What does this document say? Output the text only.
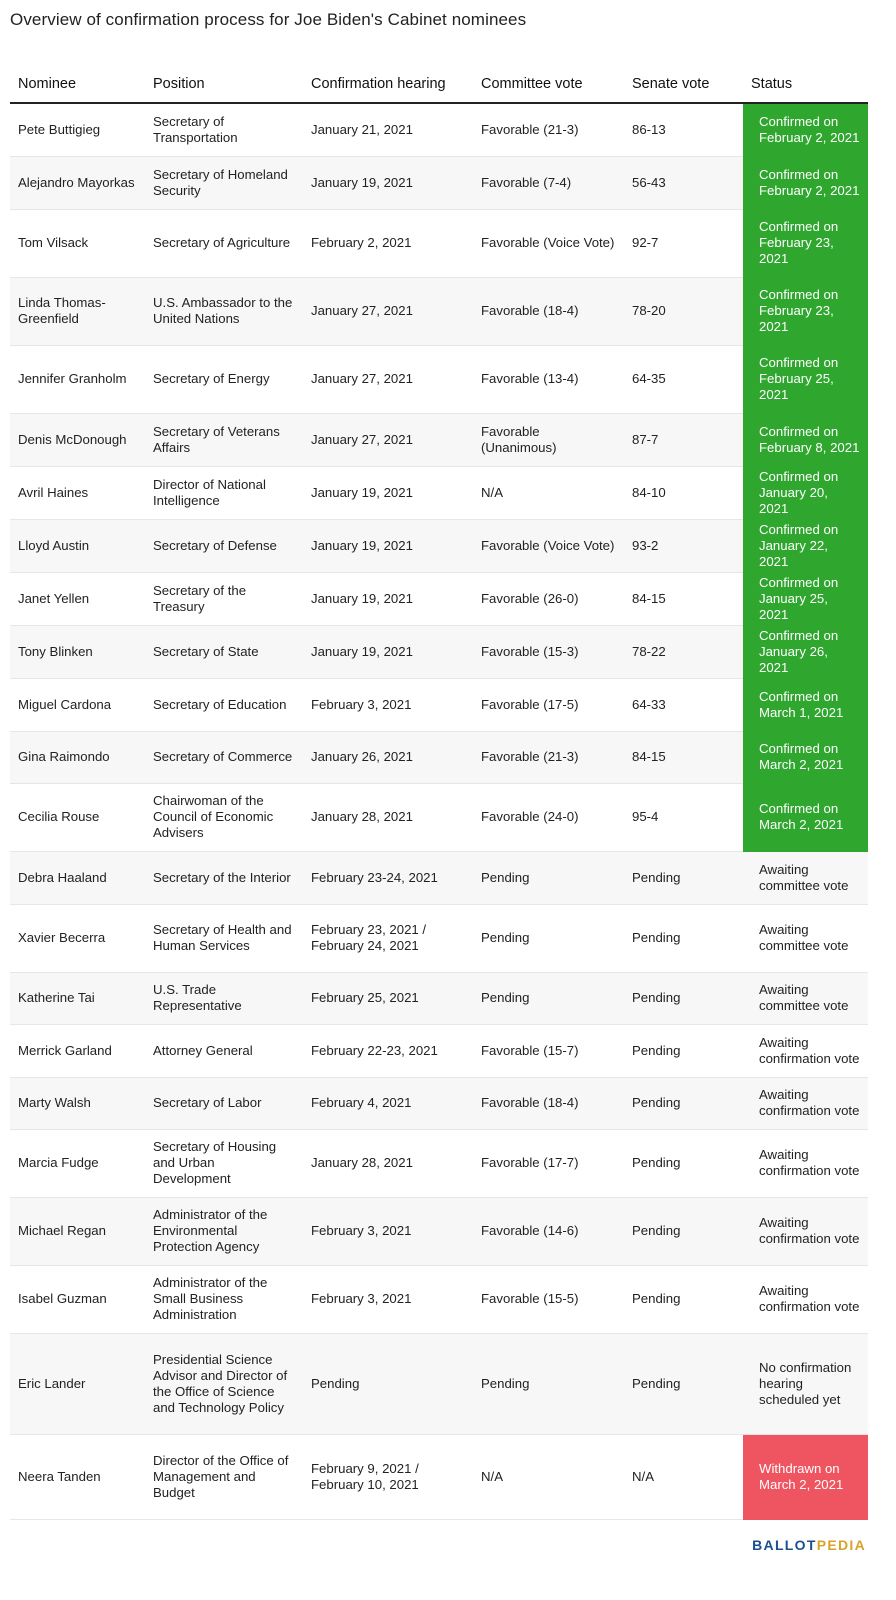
Overview of confirmation process for Joe Biden's Cabinet nominees
Nominee	Position	Confirmation hearing	Committee vote	Senate vote	Status
Pete Buttigieg	Secretary of Transportation	January 21, 2021	Favorable (21-3)	86-13	Confirmed on February 2, 2021
Alejandro Mayorkas	Secretary of Homeland Security	January 19, 2021	Favorable (7-4)	56-43	Confirmed on February 2, 2021
Tom Vilsack	Secretary of Agriculture	February 2, 2021	Favorable (Voice Vote)	92-7	Confirmed on February 23, 2021
Linda Thomas-Greenfield	U.S. Ambassador to the United Nations	January 27, 2021	Favorable (18-4)	78-20	Confirmed on February 23, 2021
Jennifer Granholm	Secretary of Energy	January 27, 2021	Favorable (13-4)	64-35	Confirmed on February 25, 2021
Denis McDonough	Secretary of Veterans Affairs	January 27, 2021	Favorable (Unanimous)	87-7	Confirmed on February 8, 2021
Avril Haines	Director of National Intelligence	January 19, 2021	N/A	84-10	Confirmed on January 20, 2021
Lloyd Austin	Secretary of Defense	January 19, 2021	Favorable (Voice Vote)	93-2	Confirmed on January 22, 2021
Janet Yellen	Secretary of the Treasury	January 19, 2021	Favorable (26-0)	84-15	Confirmed on January 25, 2021
Tony Blinken	Secretary of State	January 19, 2021	Favorable (15-3)	78-22	Confirmed on January 26, 2021
Miguel Cardona	Secretary of Education	February 3, 2021	Favorable (17-5)	64-33	Confirmed on March 1, 2021
Gina Raimondo	Secretary of Commerce	January 26, 2021	Favorable (21-3)	84-15	Confirmed on March 2, 2021
Cecilia Rouse	Chairwoman of the Council of Economic Advisers	January 28, 2021	Favorable (24-0)	95-4	Confirmed on March 2, 2021
Debra Haaland	Secretary of the Interior	February 23-24, 2021	Pending	Pending	Awaiting committee vote
Xavier Becerra	Secretary of Health and Human Services	February 23, 2021 / February 24, 2021	Pending	Pending	Awaiting committee vote
Katherine Tai	U.S. Trade Representative	February 25, 2021	Pending	Pending	Awaiting committee vote
Merrick Garland	Attorney General	February 22-23, 2021	Favorable (15-7)	Pending	Awaiting confirmation vote
Marty Walsh	Secretary of Labor	February 4, 2021	Favorable (18-4)	Pending	Awaiting confirmation vote
Marcia Fudge	Secretary of Housing and Urban Development	January 28, 2021	Favorable (17-7)	Pending	Awaiting confirmation vote
Michael Regan	Administrator of the Environmental Protection Agency	February 3, 2021	Favorable (14-6)	Pending	Awaiting confirmation vote
Isabel Guzman	Administrator of the Small Business Administration	February 3, 2021	Favorable (15-5)	Pending	Awaiting confirmation vote
Eric Lander	Presidential Science Advisor and Director of the Office of Science and Technology Policy	Pending	Pending	Pending	No confirmation hearing scheduled yet
Neera Tanden	Director of the Office of Management and Budget	February 9, 2021 / February 10, 2021	N/A	N/A	Withdrawn on March 2, 2021
BALLOT PEDIA
